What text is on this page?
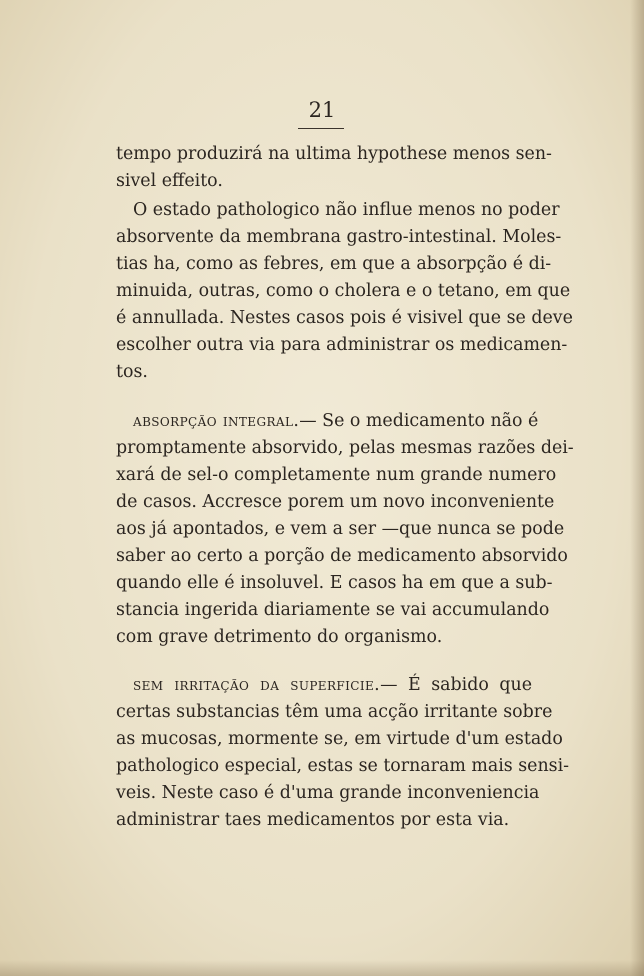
21
tempo produzirá na ultima hypothese menos sen-
sivel effeito.
O estado pathologico não influe menos no poder
absorvente da membrana gastro-intestinal. Moles-
tias ha, como as febres, em que a absorpção é di-
minuida, outras, como o cholera e o tetano, em que
é annullada. Nestes casos pois é visivel que se deve
escolher outra via para administrar os medicamen-
tos.
absorpção integral.— Se o medicamento não é
promptamente absorvido, pelas mesmas razões dei-
xará de sel-o completamente num grande numero
de casos. Accresce porem um novo inconveniente
aos já apontados, e vem a ser —que nunca se pode
saber ao certo a porção de medicamento absorvido
quando elle é insoluvel. E casos ha em que a sub-
stancia ingerida diariamente se vai accumulando
com grave detrimento do organismo.
sem irritação da superficie.— É sabido que
certas substancias têm uma acção irritante sobre
as mucosas, mormente se, em virtude d'um estado
pathologico especial, estas se tornaram mais sensi-
veis. Neste caso é d'uma grande inconveniencia
administrar taes medicamentos por esta via.
